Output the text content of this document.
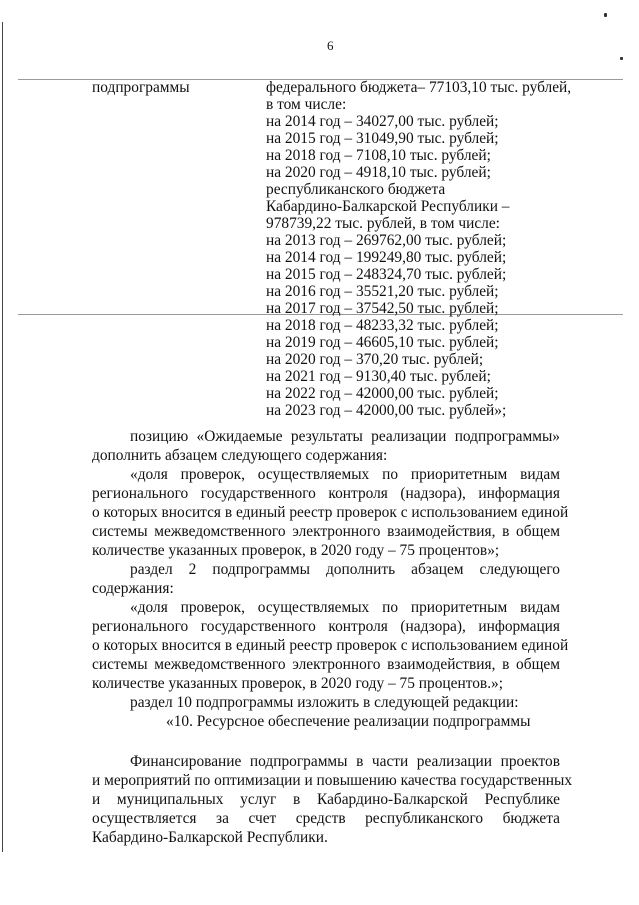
6
подпрограммы	федерального бюджета– 77103,10 тыс. рублей,
в том числе:
на 2014 год – 34027,00 тыс. рублей;
на 2015 год – 31049,90 тыс. рублей;
на 2018 год – 7108,10 тыс. рублей;
на 2020 год – 4918,10 тыс. рублей;
республиканского бюджета
Кабардино-Балкарской Республики –
978739,22 тыс. рублей, в том числе:
на 2013 год – 269762,00 тыс. рублей;
на 2014 год – 199249,80 тыс. рублей;
на 2015 год – 248324,70 тыс. рублей;
на 2016 год – 35521,20 тыс. рублей;
на 2017 год – 37542,50 тыс. рублей;
на 2018 год – 48233,32 тыс. рублей;
на 2019 год – 46605,10 тыс. рублей;
на 2020 год – 370,20 тыс. рублей;
на 2021 год – 9130,40 тыс. рублей;
на 2022 год – 42000,00 тыс. рублей;
на 2023 год – 42000,00 тыс. рублей»;
позицию «Ожидаемые результаты реализации подпрограммы»
дополнить абзацем следующего содержания:
«доля проверок, осуществляемых по приоритетным видам
регионального государственного контроля (надзора), информация
о которых вносится в единый реестр проверок с использованием единой
системы межведомственного электронного взаимодействия, в общем
количестве указанных проверок, в 2020 году – 75 процентов»;
раздел 2 подпрограммы дополнить абзацем следующего
содержания:
«доля проверок, осуществляемых по приоритетным видам
регионального государственного контроля (надзора), информация
о которых вносится в единый реестр проверок с использованием единой
системы межведомственного электронного взаимодействия, в общем
количестве указанных проверок, в 2020 году – 75 процентов.»;
раздел 10 подпрограммы изложить в следующей редакции:
«10. Ресурсное обеспечение реализации подпрограммы
Финансирование подпрограммы в части реализации проектов
и мероприятий по оптимизации и повышению качества государственных
и муниципальных услуг в Кабардино-Балкарской Республике
осуществляется за счет средств республиканского бюджета
Кабардино-Балкарской Республики.
